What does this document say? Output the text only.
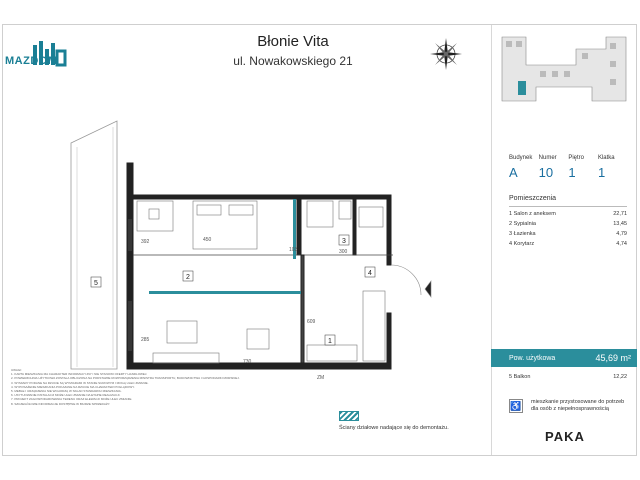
MAZDOM
Błonie Vita
ul. Nowakowskiego 21
2
1
3
4
5
450
300
730
609
392
285
103
ZM
Budynek	Numer	Piętro	Klatka
A	10	1	1
Pomieszczenia
1 Salon z aneksem	22,71
2 Sypialnia	13,45
3 Łazienka	4,79
4 Korytarz	4,74
Pow. użytkowa	45,69 m²
5 Balkon	12,22
♿ mieszkanie przystosowane do potrzeb dla osób z niepełnosprawnością
Ściany działowe nadające się do demontażu.
PAKA
UWAGI:
1. KARTA MIESZKANIA MA CHARAKTER INFORMACYJNY I NIE STANOWI OFERTY HANDLOWEJ.
2. POWIERZCHNIA UŻYTKOWA ZOSTAŁA OBLICZONA NA PODSTAWIE ROZPORZĄDZENIA MINISTRA TRANSPORTU, BUDOWNICTWA I GOSPODARKI MORSKIEJ.
3. WYMIARY PODANE NA RZUCIE SĄ WYMIARAMI W STANIE SUROWYM I MOGĄ ULEC ZMIANIE.
4. WYPOSAŻENIE MIESZKANIA POKAZANE NA RZUCIE MA CHARAKTER POGLĄDOWY.
5. MEBLE I URZĄDZENIA NIE WCHODZĄ W SKŁAD STANDARDU MIESZKANIA.
6. USYTUOWANIE INSTALACJI MOŻE ULEC ZMIANIE NA ETAPIE REALIZACJI.
7. PROJEKT ZAGOSPODAROWANIA TERENU ORAZ ELEWACJI MOŻE ULEC ZMIANIE.
8. SZCZEGÓŁOWE INFORMACJE DOSTĘPNE W BIURZE SPRZEDAŻY.
